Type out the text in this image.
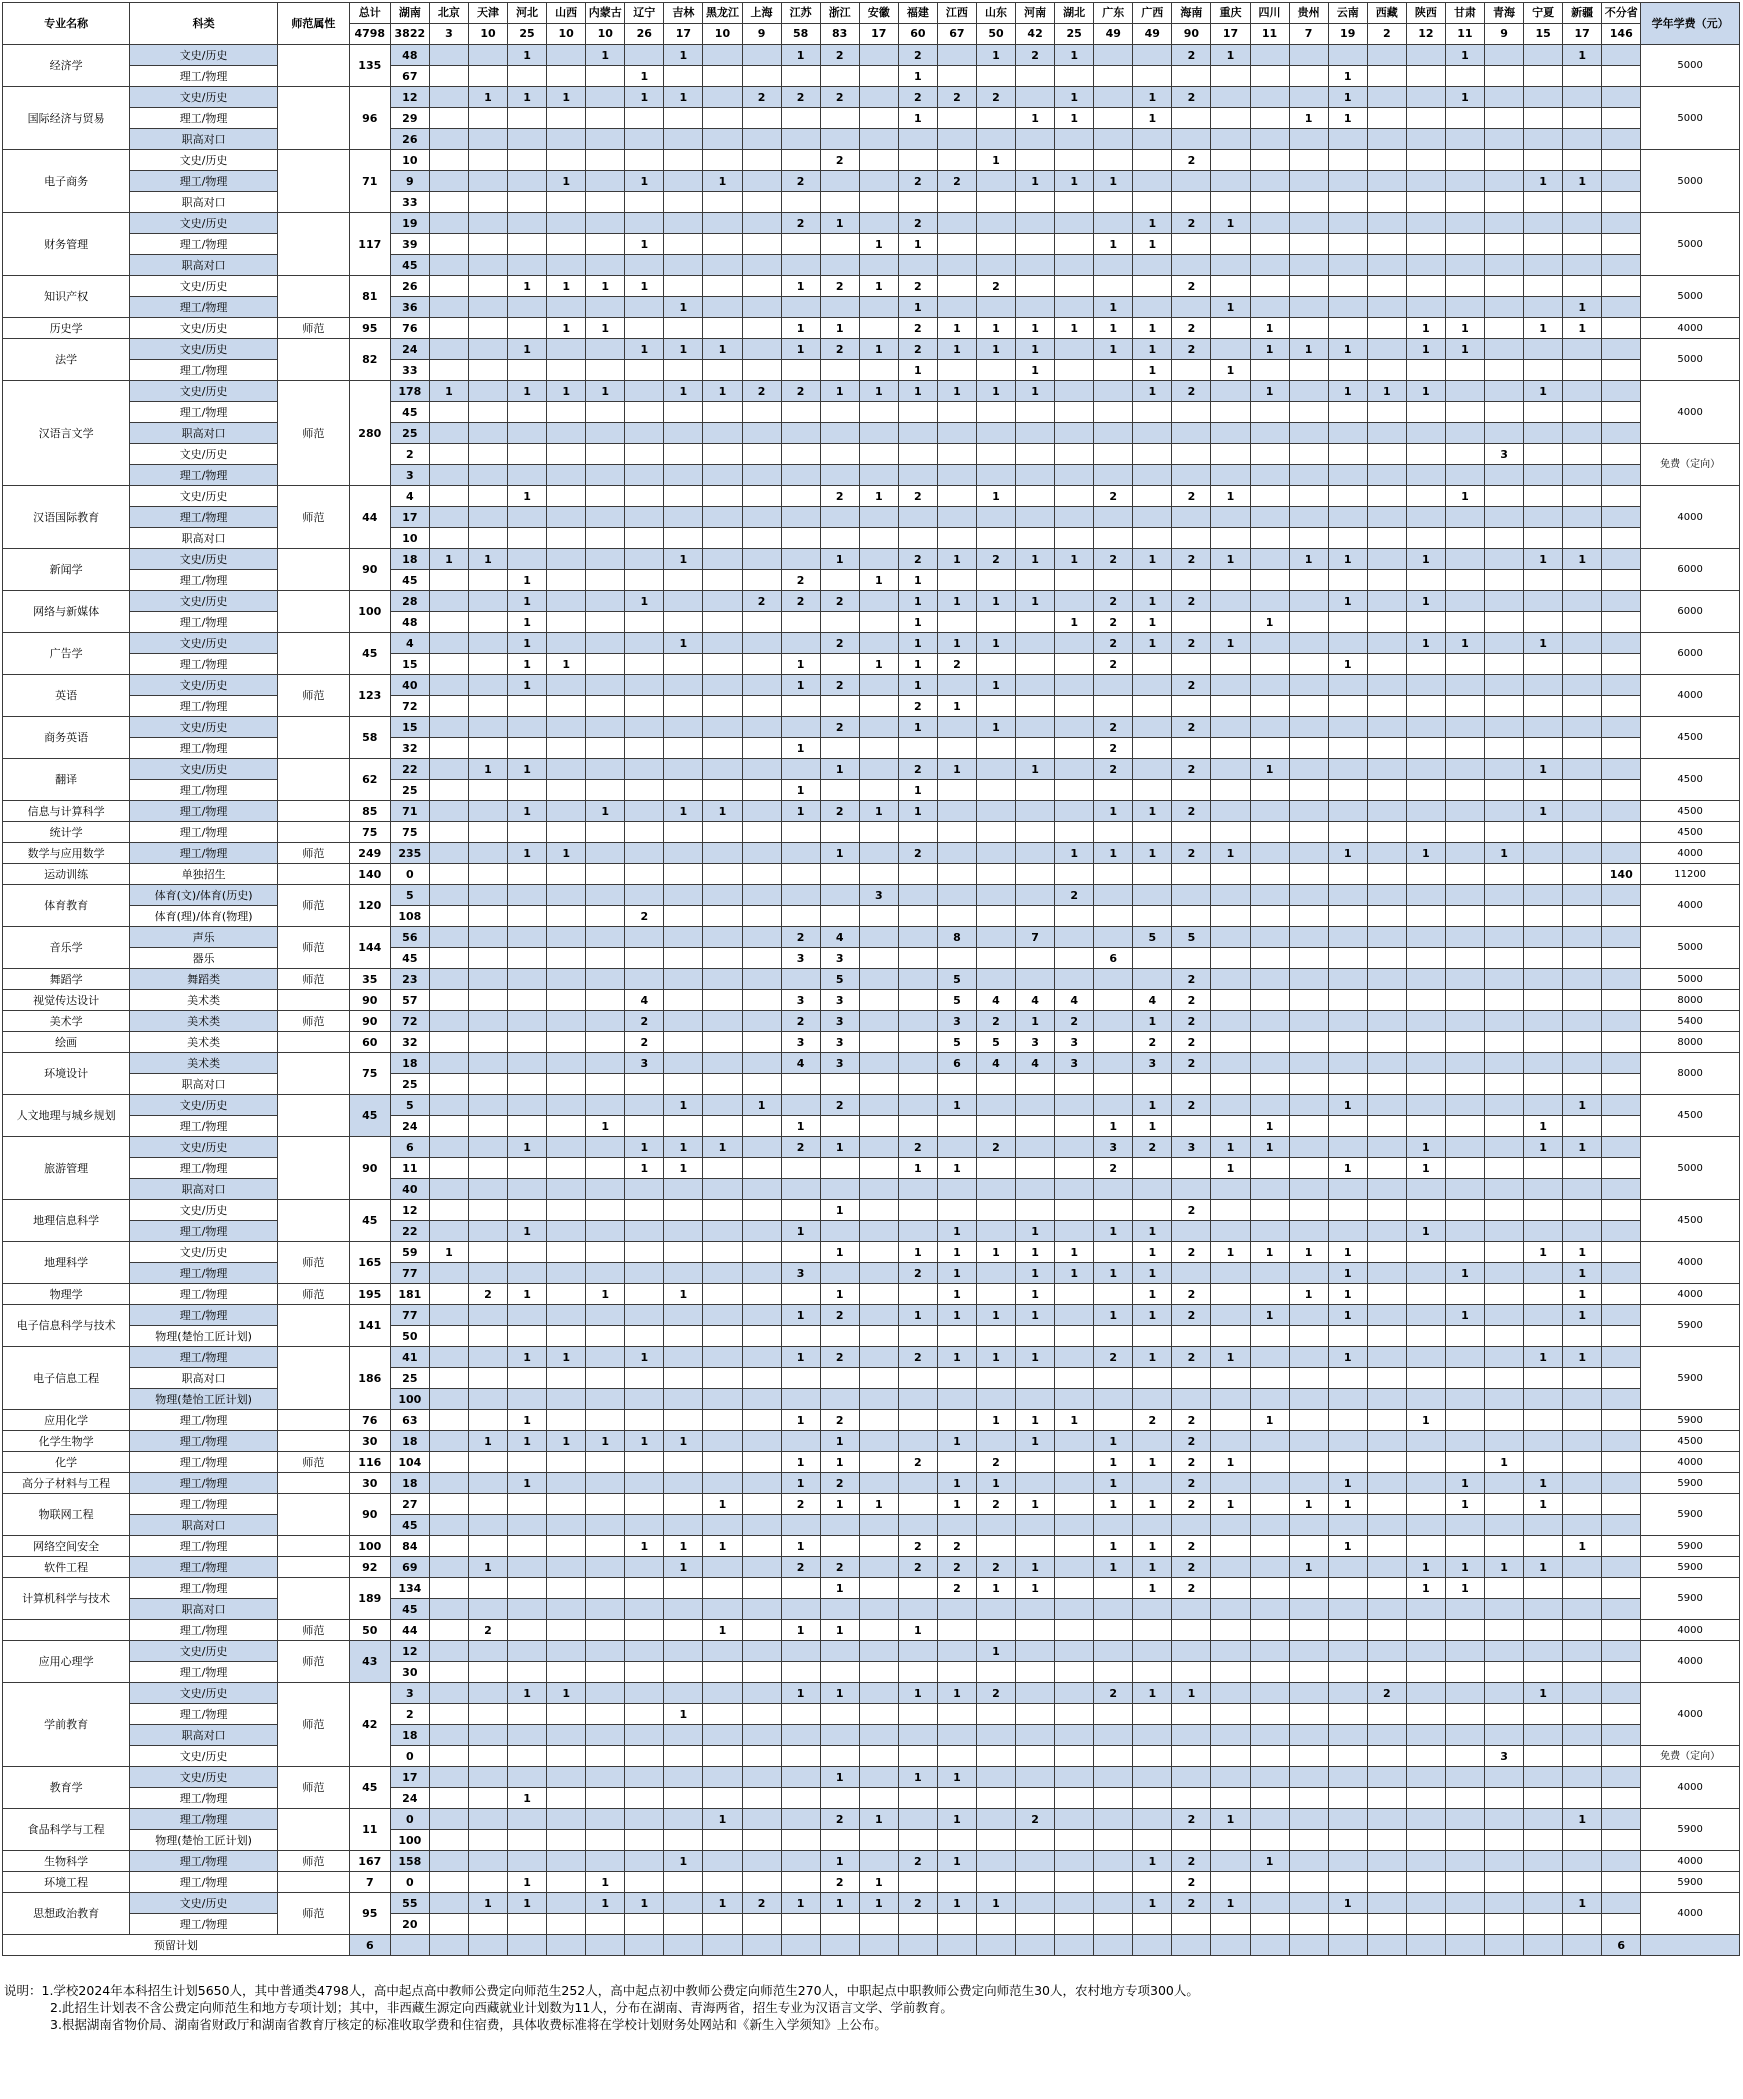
专业名称	科类	师范属性	总计	湖南	北京	天津	河北	山西	内蒙古	辽宁	吉林	黑龙江	上海	江苏	浙江	安徽	福建	江西	山东	河南	湖北	广东	广西	海南	重庆	四川	贵州	云南	西藏	陕西	甘肃	青海	宁夏	新疆	不分省	学年学费（元）
			4798	3822	3	10	25	10	10	26	17	10	9	58	83	17	60	67	50	42	25	49	49	90	17	11	7	19	2	12	11	9	15	17	146	
经济学	文史/历史		135	48			1		1		1			1	2		2		1	2	1			2	1						1			1		5000
	理工/物理			67						1							1											1								
国际经济与贸易	文史/历史		96	12		1	1	1		1	1		2	2	2		2	2	2		1		1	2				1			1					5000
	理工/物理			29													1			1	1		1				1	1								
	职高对口			26																																
电子商务	文史/历史		71	10											2				1					2												5000
	理工/物理			9				1		1		1		2			2	2		1	1	1											1	1		
	职高对口			33																																
财务管理	文史/历史		117	19										2	1		2						1	2	1											5000
	理工/物理			39						1						1	1					1	1													
	职高对口			45																																
知识产权	文史/历史		81	26			1	1	1	1				1	2	1	2		2					2												5000
	理工/物理			36							1						1					1			1									1		
历史学	文史/历史	师范	95	76				1	1					1	1		2	1	1	1	1	1	1	2		1				1	1		1	1		4000
法学	文史/历史		82	24			1			1	1	1		1	2	1	2	1	1	1		1	1	2		1	1	1		1	1					5000
	理工/物理			33													1			1			1		1											
汉语言文学	文史/历史	师范	280	178	1		1	1	1		1	1	2	2	1	1	1	1	1	1			1	2		1		1	1	1			1			4000
	理工/物理			45																																
	职高对口			25																																
	文史/历史			2																												3				免费（定向）
	理工/物理			3																																
汉语国际教育	文史/历史	师范	44	4			1								2	1	2		1			2		2	1						1					4000
	理工/物理			17																																
	职高对口			10																																
新闻学	文史/历史		90	18	1	1					1				1		2	1	2	1	1	2	1	2	1		1	1		1			1	1		6000
	理工/物理			45			1							2		1	1																			
网络与新媒体	文史/历史		100	28			1			1			2	2	2		1	1	1	1		2	1	2				1		1						6000
	理工/物理			48			1										1				1	2	1			1										
广告学	文史/历史		45	4			1				1				2		1	1	1			2	1	2	1					1	1		1			6000
	理工/物理			15			1	1						1		1	1	2				2						1								
英语	文史/历史	师范	123	40			1							1	2		1		1					2												4000
	理工/物理			72													2	1																		
商务英语	文史/历史		58	15											2		1		1			2		2												4500
	理工/物理			32										1								2														
翻译	文史/历史		62	22		1	1								1		2	1		1		2		2		1							1			4500
	理工/物理			25										1			1																			
信息与计算科学	理工/物理		85	71			1		1		1	1		1	2	1	1					1	1	2									1			4500
统计学	理工/物理		75	75																																4500
数学与应用数学	理工/物理	师范	249	235			1	1							1		2				1	1	1	2	1			1		1		1				4000
运动训练	单独招生		140	0																															140	11200
体育教育	体育(文)/体育(历史)	师范	120	5												3					2															4000
	体育(理)/体育(物理)			108						2																										
音乐学	声乐	师范	144	56										2	4			8		7			5	5												5000
	器乐			45										3	3							6														
舞蹈学	舞蹈类	师范	35	23											5			5						2												5000
视觉传达设计	美术类		90	57						4				3	3			5	4	4	4		4	2												8000
美术学	美术类	师范	90	72						2				2	3			3	2	1	2		1	2												5400
绘画	美术类		60	32						2				3	3			5	5	3	3		2	2												8000
环境设计	美术类		75	18						3				4	3			6	4	4	3		3	2												8000
	职高对口			25																																
人文地理与城乡规划	文史/历史		45	5							1		1		2			1					1	2				1						1		4500
	理工/物理			24					1					1								1	1			1							1			
旅游管理	文史/历史		90	6			1			1	1	1		2	1		2		2			3	2	3	1	1				1			1	1		5000
	理工/物理			11						1	1						1	1				2			1			1		1						
	职高对口			40																																
地理信息科学	文史/历史		45	12											1									2												4500
	理工/物理			22			1							1				1		1		1	1							1						
地理科学	文史/历史	师范	165	59	1										1		1	1	1	1	1		1	2	1	1	1	1					1	1		4000
	理工/物理			77										3			2	1		1	1	1	1					1			1			1		
物理学	理工/物理	师范	195	181		2	1		1		1				1			1		1			1	2			1	1						1		4000
电子信息科学与技术	理工/物理		141	77										1	2		1	1	1	1		1	1	2		1		1			1			1		5900
	物理(楚怡工匠计划)			50																																
电子信息工程	理工/物理		186	41			1	1		1				1	2		2	1	1	1		2	1	2	1			1					1	1		5900
	职高对口			25																																
	物理(楚怡工匠计划)			100																																
应用化学	理工/物理		76	63			1							1	2				1	1	1		2	2		1				1						5900
化学生物学	理工/物理		30	18		1	1	1	1	1	1				1			1		1		1		2												4500
化学	理工/物理	师范	116	104										1	1		2		2			1	1	2	1							1				4000
高分子材料与工程	理工/物理		30	18			1							1	2			1	1			1		2				1			1		1			5900
物联网工程	理工/物理		90	27								1		2	1	1		1	2	1		1	1	2	1		1	1			1		1			5900
	职高对口			45																																
网络空间安全	理工/物理		100	84						1	1	1		1			2	2				1	1	2				1						1		5900
软件工程	理工/物理		92	69		1					1			2	2		2	2	2	1		1	1	2			1			1	1	1	1			5900
计算机科学与技术	理工/物理		189	134											1			2	1	1			1	2						1	1					5900
	职高对口			45																																
	理工/物理	师范	50	44		2						1		1	1		1																			4000
应用心理学	文史/历史	师范	43	12															1																	4000
	理工/物理			30																																
学前教育	文史/历史	师范	42	3			1	1						1	1		1	1	2			2	1	1					2				1			4000
	理工/物理			2							1																									
	职高对口			18																																
	文史/历史			0																												3				免费（定向）
教育学	文史/历史	师范	45	17											1		1	1																		4000
	理工/物理			24			1																													
食品科学与工程	理工/物理		11	0								1			2	1		1		2				2	1									1		5900
	物理(楚怡工匠计划)			100																																
生物科学	理工/物理	师范	167	158							1				1		2	1					1	2		1										4000
环境工程	理工/物理		7	0			1		1						2	1								2												5900
思想政治教育	文史/历史	师范	95	55		1	1		1	1		1	2	1	1	1	2	1	1				1	2	1			1						1		4000
	理工/物理			20																																
预留计划			6																																6	
说明：1.学校2024年本科招生计划5650人，其中普通类4798人，高中起点高中教师公费定向师范生252人，高中起点初中教师公费定向师范生270人，中职起点中职教师公费定向师范生30人，农村地方专项300人。
2.此招生计划表不含公费定向师范生和地方专项计划；其中，非西藏生源定向西藏就业计划数为11人，分布在湖南、青海两省，招生专业为汉语言文学、学前教育。
3.根据湖南省物价局、湖南省财政厅和湖南省教育厅核定的标准收取学费和住宿费，具体收费标准将在学校计划财务处网站和《新生入学须知》上公布。
